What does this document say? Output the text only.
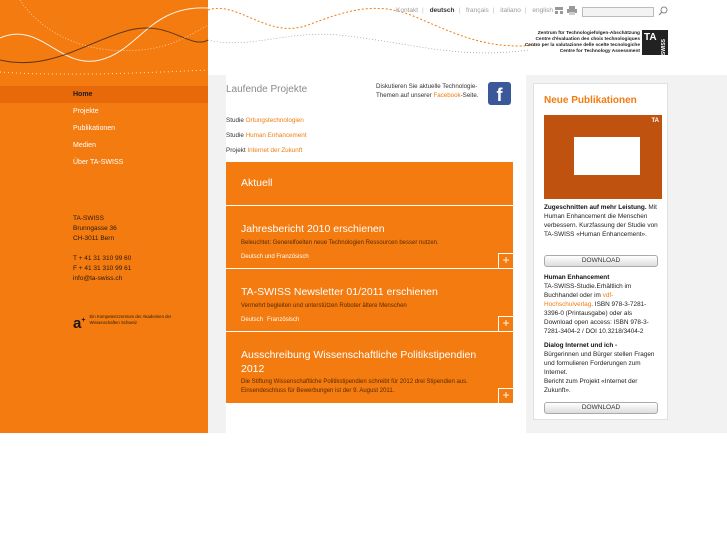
Home
Projekte
Publikationen
Medien
Über TA-SWISS
TA-SWISS
Brunngasse 36
CH-3011 Bern
T + 41 31 310 99 60
F + 41 31 310 99 61
info@ta-swiss.ch
a+
Ein Kompetenzzentrum der Akademien der Wissenschaften Schweiz
Kontakt | deutsch | français | italiano | english
Zentrum für Technologiefolgen-Abschätzung
Centre d'évaluation des choix technologiques
Centro per la valutazione delle scelte tecnologiche
Centre for Technology Assessment
TA
SWISS
Laufende Projekte	Diskutieren Sie aktuelle Technologie-Themen auf unserer Facebook-Seite. f
Studie Ortungstechnologien
Studie Human Enhancement
Projekt Internet der Zukunft
Aktuell
Jahresbericht 2010 erschienen
Beleuchtet: Generelfoelten neue Technologien Ressourcen besser nutzen.
Deutsch und Französisch	+
TA-SWISS Newsletter 01/2011 erschienen
Vermehrt begleiten und unterstützen Roboter ältere Menschen
Deutsch Französisch	+
Ausschreibung Wissenschaftliche Politikstipendien 2012
Die Stiftung Wissenschaftliche Politikstipendien schreibt für 2012 drei Stipendien aus. Einsendeschluss für Bewerbungen ist der 9. August 2011.	+
Neue Publikationen
TA
Zugeschnitten auf mehr Leistung. Mit Human Enhancement die Menschen verbessern. Kurzfassung der Studie von TA-SWISS «Human Enhancement».
DOWNLOAD
Human Enhancement
TA-SWISS-Studie.Erhältlich im Buchhandel oder im vdf-Hochschulverlag. ISBN 978-3-7281-3396-0 (Printausgabe) oder als Download open access: ISBN 978-3-7281-3404-2 / DOI 10.3218/3404-2
Dialog Internet und ich -
Bürgerinnen und Bürger stellen Fragen und formulieren Forderungen zum Internet.
Bericht zum Projekt «Internet der Zukunft».
DOWNLOAD
